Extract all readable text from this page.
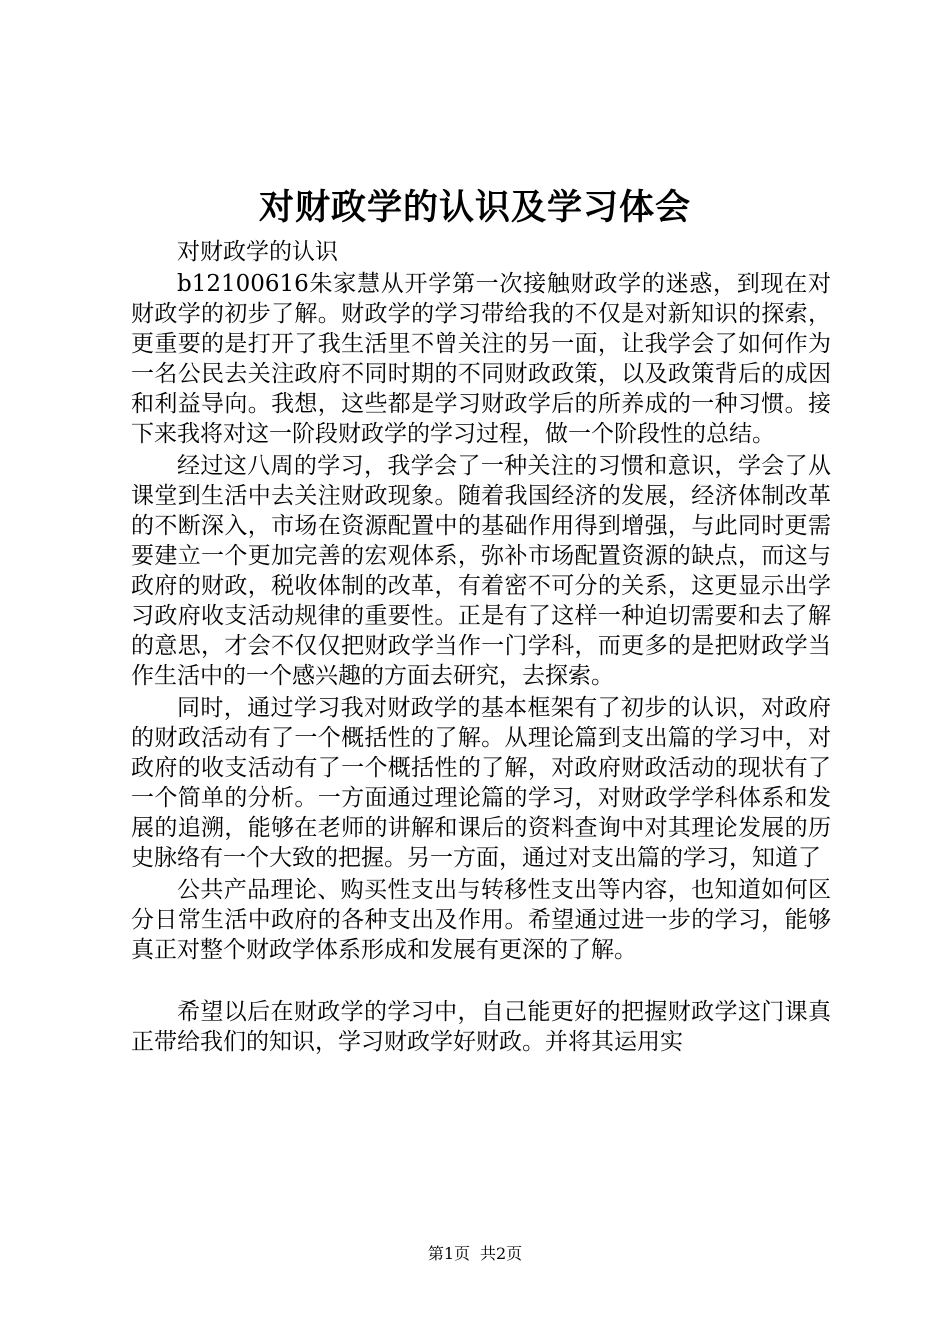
对财政学的认识及学习体会

对财政学的认识

b12100616朱家慧从开学第一次接触财政学的迷惑，到现在对财政学的初步了解。财政学的学习带给我的不仅是对新知识的探索，更重要的是打开了我生活里不曾关注的另一面，让我学会了如何作为一名公民去关注政府不同时期的不同财政政策，以及政策背后的成因和利益导向。我想，这些都是学习财政学后的所养成的一种习惯。接下来我将对这一阶段财政学的学习过程，做一个阶段性的总结。

经过这八周的学习，我学会了一种关注的习惯和意识，学会了从课堂到生活中去关注财政现象。随着我国经济的发展，经济体制改革的不断深入，市场在资源配置中的基础作用得到增强，与此同时更需要建立一个更加完善的宏观体系，弥补市场配置资源的缺点，而这与政府的财政，税收体制的改革，有着密不可分的关系，这更显示出学习政府收支活动规律的重要性。正是有了这样一种迫切需要和去了解的意思，才会不仅仅把财政学当作一门学科，而更多的是把财政学当作生活中的一个感兴趣的方面去研究，去探索。

同时，通过学习我对财政学的基本框架有了初步的认识，对政府的财政活动有了一个概括性的了解。从理论篇到支出篇的学习中，对政府的收支活动有了一个概括性的了解，对政府财政活动的现状有了一个简单的分析。一方面通过理论篇的学习，对财政学学科体系和发展的追溯，能够在老师的讲解和课后的资料查询中对其理论发展的历史脉络有一个大致的把握。另一方面，通过对支出篇的学习，知道了

公共产品理论、购买性支出与转移性支出等内容，也知道如何区分日常生活中政府的各种支出及作用。希望通过进一步的学习，能够真正对整个财政学体系形成和发展有更深的了解。

希望以后在财政学的学习中，自己能更好的把握财政学这门课真正带给我们的知识，学习财政学好财政。并将其运用实

第1页 共2页
